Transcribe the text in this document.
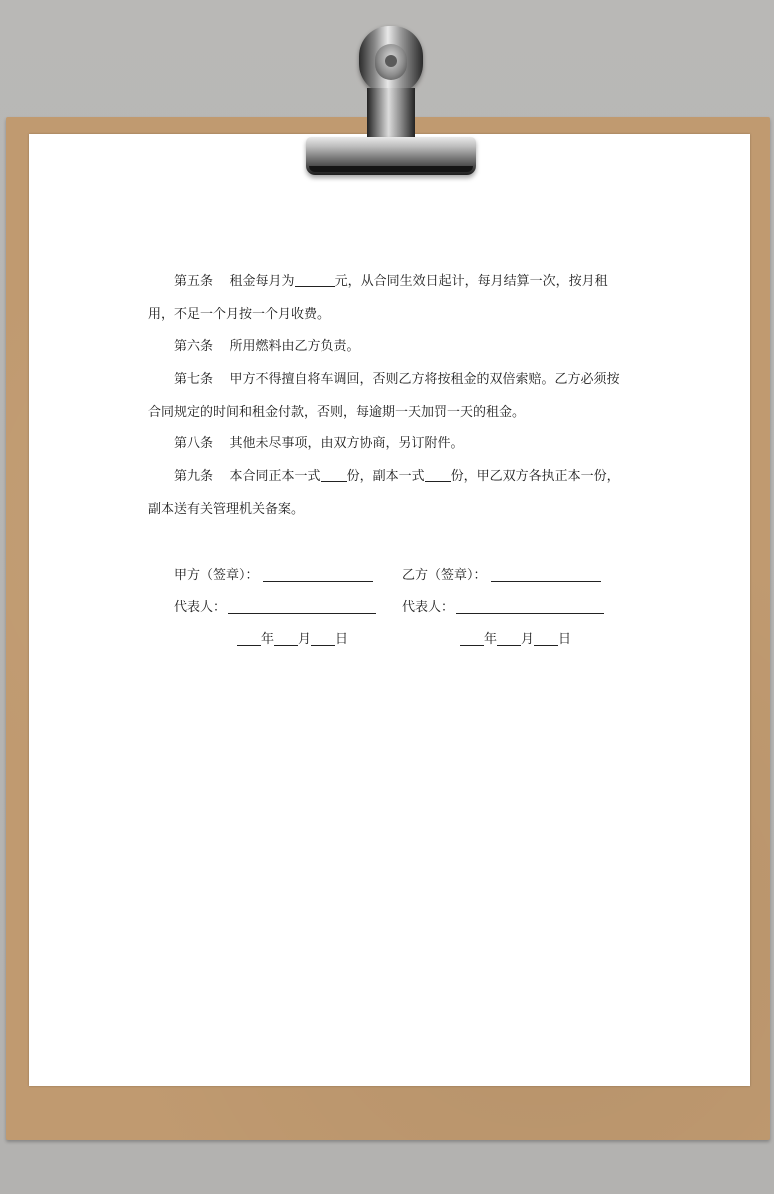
第五条 租金每月为	元，从合同生效日起计，每月结算一次，按月租用，不足一个月按一个月收费。

第六条 所用燃料由乙方负责。

第七条 甲方不得擅自将车调回，否则乙方将按租金的双倍索赔。乙方必须按合同规定的时间和租金付款，否则，每逾期一天加罚一天的租金。

第八条 其他未尽事项，由双方协商，另订附件。

第九条 本合同正本一式 份，副本一式 份，甲乙双方各执正本一份，副本送有关管理机关备案。

甲方（签章）：	乙方（签章）：
代表人：	代表人：
年 月 日	年 月 日
